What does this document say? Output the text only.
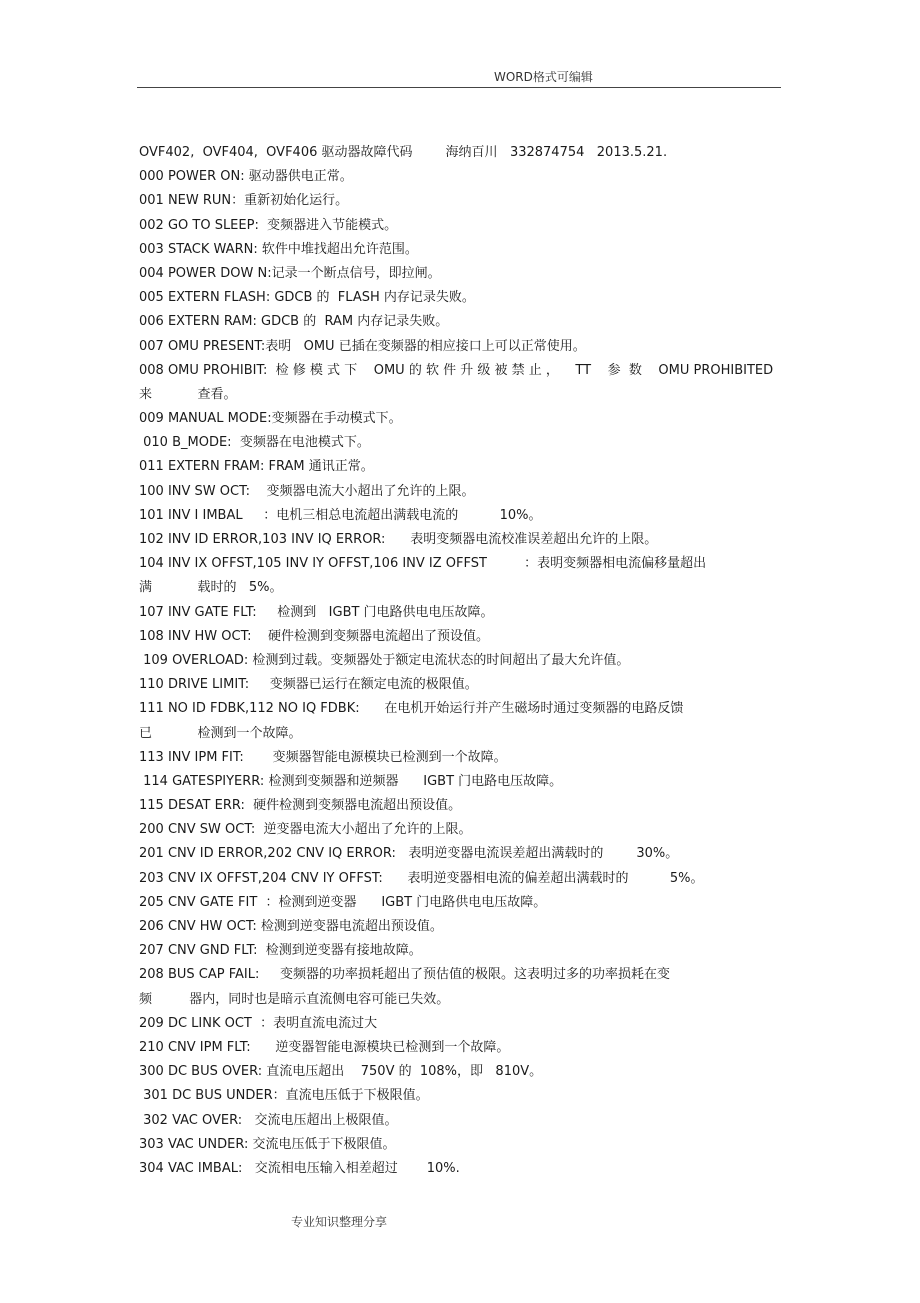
WORD格式可编辑
OVF402,  OVF404,  OVF406 驱动器故障代码        海纳百川   332874754   2013.5.21.
000 POWER ON: 驱动器供电正常。
001 NEW RUN：重新初始化运行。
002 GO TO SLEEP:  变频器进入节能模式。
003 STACK WARN: 软件中堆找超出允许范围。
004 POWER DOW N:记录一个断点信号，即拉闸。
005 EXTERN FLASH: GDCB 的  FLASH 内存记录失败。
006 EXTERN RAM: GDCB 的  RAM 内存记录失败。
007 OMU PRESENT:表明   OMU 已插在变频器的相应接口上可以正常使用。
008 OMU PROHIBIT:  检 修 模 式 下    OMU 的 软 件 升 级 被 禁 止 ，    TT    参  数    OMU PROHIBITED
来           查看。
009 MANUAL MODE:变频器在手动模式下。
010 B_MODE:  变频器在电池模式下。
011 EXTERN FRAM: FRAM 通讯正常。
100 INV SW OCT:    变频器电流大小超出了允许的上限。
101 INV I IMBAL     ：电机三相总电流超出满载电流的          10%。
102 INV ID ERROR,103 INV IQ ERROR:      表明变频器电流校准误差超出允许的上限。
104 INV IX OFFST,105 INV IY OFFST,106 INV IZ OFFST         ：表明变频器相电流偏移量超出
满           载时的   5%。
107 INV GATE FLT:     检测到   IGBT 门电路供电电压故障。
108 INV HW OCT:    硬件检测到变频器电流超出了预设值。
109 OVERLOAD: 检测到过载。变频器处于额定电流状态的时间超出了最大允许值。
110 DRIVE LIMIT:     变频器已运行在额定电流的极限值。
111 NO ID FDBK,112 NO IQ FDBK:      在电机开始运行并产生磁场时通过变频器的电路反馈
已           检测到一个故障。
113 INV IPM FIT:       变频器智能电源模块已检测到一个故障。
114 GATESPIYERR: 检测到变频器和逆频器      IGBT 门电路电压故障。
115 DESAT ERR:  硬件检测到变频器电流超出预设值。
200 CNV SW OCT:  逆变器电流大小超出了允许的上限。
201 CNV ID ERROR,202 CNV IQ ERROR:   表明逆变器电流误差超出满载时的        30%。
203 CNV IX OFFST,204 CNV IY OFFST:      表明逆变器相电流的偏差超出满载时的          5%。
205 CNV GATE FIT  ：检测到逆变器      IGBT 门电路供电电压故障。
206 CNV HW OCT: 检测到逆变器电流超出预设值。
207 CNV GND FLT:  检测到逆变器有接地故障。
208 BUS CAP FAIL:     变频器的功率损耗超出了预估值的极限。这表明过多的功率损耗在变
频         器内，同时也是暗示直流侧电容可能已失效。
209 DC LINK OCT  ：表明直流电流过大
210 CNV IPM FLT:      逆变器智能电源模块已检测到一个故障。
300 DC BUS OVER: 直流电压超出    750V 的  108%，即   810V。
301 DC BUS UNDER：直流电压低于下极限值。
302 VAC OVER:   交流电压超出上极限值。
303 VAC UNDER: 交流电压低于下极限值。
304 VAC IMBAL:   交流相电压输入相差超过       10%.
专业知识整理分享
